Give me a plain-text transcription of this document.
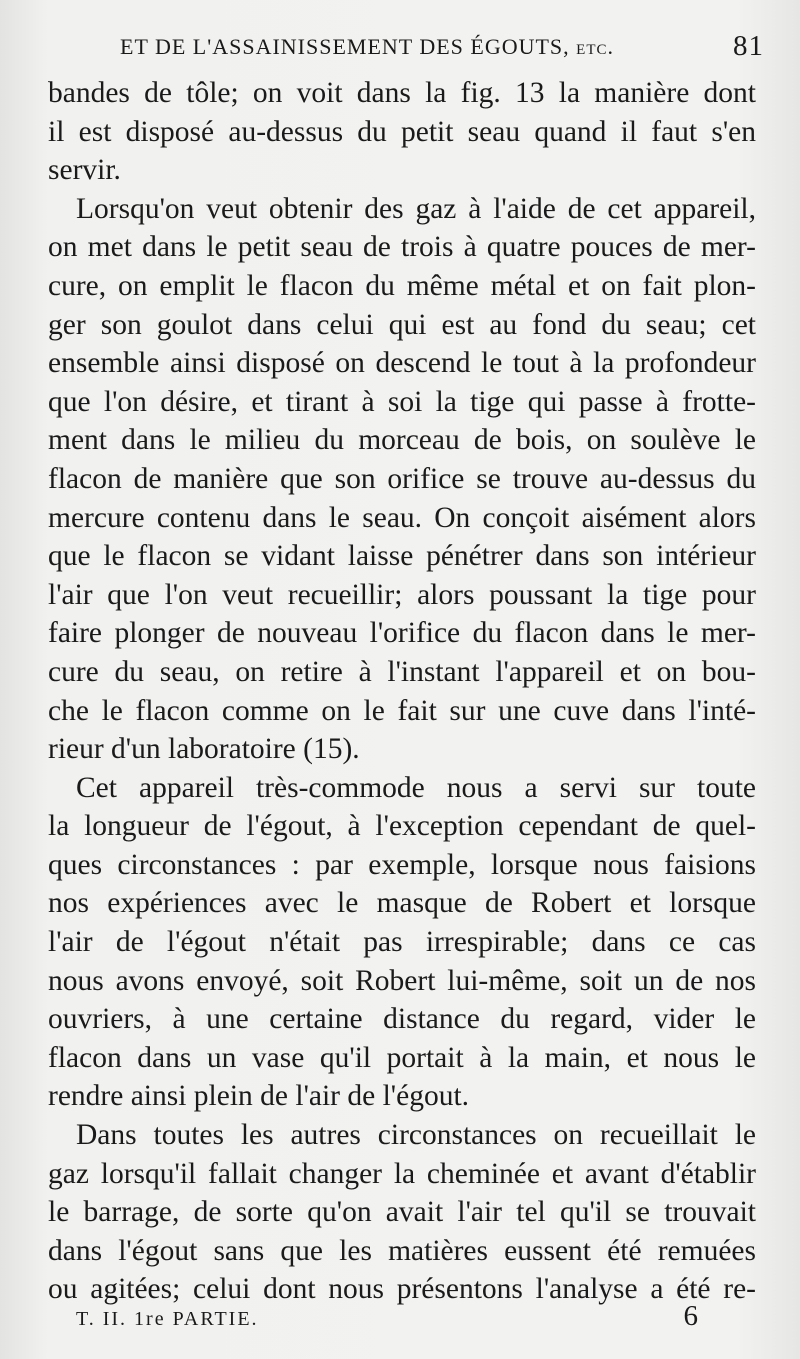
ET DE L'ASSAINISSEMENT DES ÉGOUTS, etc.	81
bandes de tôle; on voit dans la fig. 13 la manière dont
il est disposé au-dessus du petit seau quand il faut s'en
servir.
Lorsqu'on veut obtenir des gaz à l'aide de cet appareil,
on met dans le petit seau de trois à quatre pouces de mer-
cure, on emplit le flacon du même métal et on fait plon-
ger son goulot dans celui qui est au fond du seau; cet
ensemble ainsi disposé on descend le tout à la profondeur
que l'on désire, et tirant à soi la tige qui passe à frotte-
ment dans le milieu du morceau de bois, on soulève le
flacon de manière que son orifice se trouve au-dessus du
mercure contenu dans le seau. On conçoit aisément alors
que le flacon se vidant laisse pénétrer dans son intérieur
l'air que l'on veut recueillir; alors poussant la tige pour
faire plonger de nouveau l'orifice du flacon dans le mer-
cure du seau, on retire à l'instant l'appareil et on bou-
che le flacon comme on le fait sur une cuve dans l'inté-
rieur d'un laboratoire (15).
Cet appareil très-commode nous a servi sur toute
la longueur de l'égout, à l'exception cependant de quel-
ques circonstances : par exemple, lorsque nous faisions
nos expériences avec le masque de Robert et lorsque
l'air de l'égout n'était pas irrespirable; dans ce cas
nous avons envoyé, soit Robert lui-même, soit un de nos
ouvriers, à une certaine distance du regard, vider le
flacon dans un vase qu'il portait à la main, et nous le
rendre ainsi plein de l'air de l'égout.
Dans toutes les autres circonstances on recueillait le
gaz lorsqu'il fallait changer la cheminée et avant d'établir
le barrage, de sorte qu'on avait l'air tel qu'il se trouvait
dans l'égout sans que les matières eussent été remuées
ou agitées; celui dont nous présentons l'analyse a été re-
T. II. 1re PARTIE.	6
